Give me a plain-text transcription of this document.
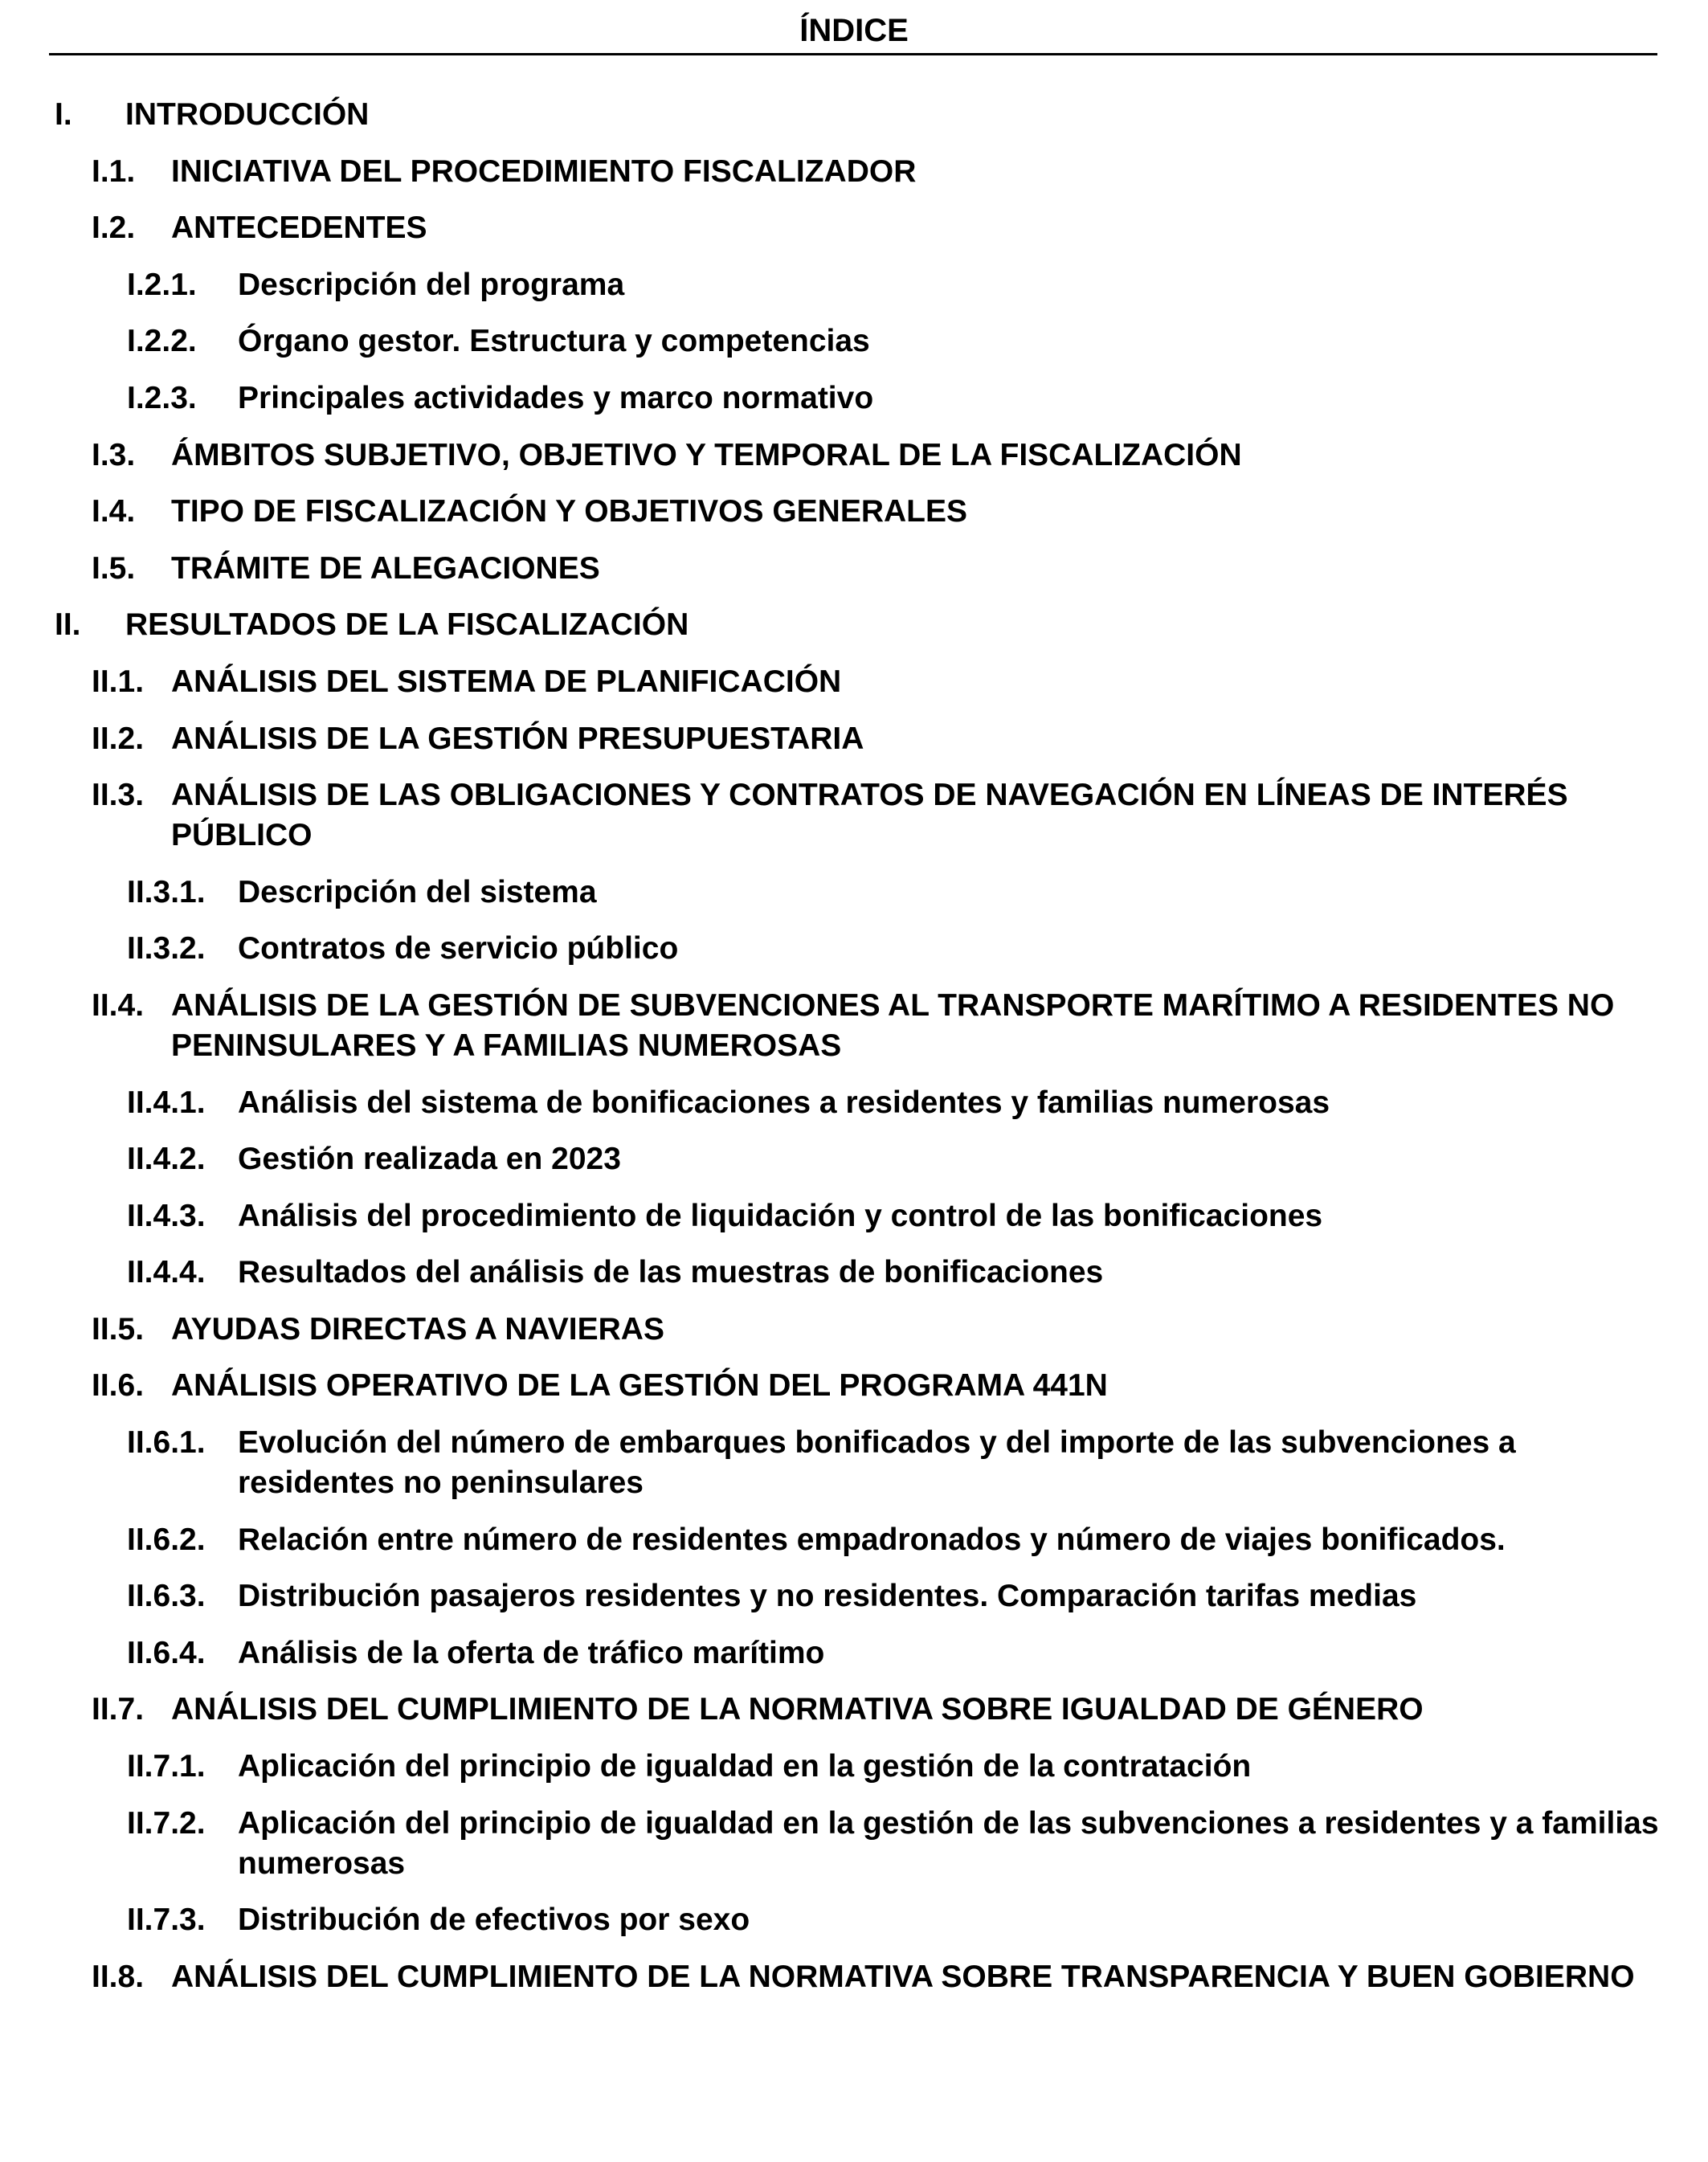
ÍNDICE
I.	INTRODUCCIÓN
I.1.	INICIATIVA DEL PROCEDIMIENTO FISCALIZADOR
I.2.	ANTECEDENTES
I.2.1.	Descripción del programa
I.2.2.	Órgano gestor. Estructura y competencias
I.2.3.	Principales actividades y marco normativo
I.3.	ÁMBITOS SUBJETIVO, OBJETIVO Y TEMPORAL DE LA FISCALIZACIÓN
I.4.	TIPO DE FISCALIZACIÓN Y OBJETIVOS GENERALES
I.5.	TRÁMITE DE ALEGACIONES
II.	RESULTADOS DE LA FISCALIZACIÓN
II.1. ANÁLISIS DEL SISTEMA DE PLANIFICACIÓN
II.2. ANÁLISIS DE LA GESTIÓN PRESUPUESTARIA
II.3. ANÁLISIS DE LAS OBLIGACIONES Y CONTRATOS DE NAVEGACIÓN EN LÍNEAS DE INTERÉS PÚBLICO
II.3.1.	Descripción del sistema
II.3.2.	Contratos de servicio público
II.4. ANÁLISIS DE LA GESTIÓN DE SUBVENCIONES AL TRANSPORTE MARÍTIMO A RESIDENTES NO PENINSULARES Y A FAMILIAS NUMEROSAS
II.4.1.	Análisis del sistema de bonificaciones a residentes y familias numerosas
II.4.2.	Gestión realizada en 2023
II.4.3.	Análisis del procedimiento de liquidación y control de las bonificaciones
II.4.4.	Resultados del análisis de las muestras de bonificaciones
II.5. AYUDAS DIRECTAS A NAVIERAS
II.6. ANÁLISIS OPERATIVO DE LA GESTIÓN DEL PROGRAMA 441N
II.6.1.	Evolución del número de embarques bonificados y del importe de las subvenciones a residentes no peninsulares
II.6.2.	Relación entre número de residentes empadronados y número de viajes bonificados.
II.6.3.	Distribución pasajeros residentes y no residentes. Comparación tarifas medias
II.6.4.	Análisis de la oferta de tráfico marítimo
II.7. ANÁLISIS DEL CUMPLIMIENTO DE LA NORMATIVA SOBRE IGUALDAD DE GÉNERO
II.7.1.	Aplicación del principio de igualdad en la gestión de la contratación
II.7.2.	Aplicación del principio de igualdad en la gestión de las subvenciones a residentes y a familias numerosas
II.7.3.	Distribución de efectivos por sexo
II.8. ANÁLISIS DEL CUMPLIMIENTO DE LA NORMATIVA SOBRE TRANSPARENCIA Y BUEN GOBIERNO
